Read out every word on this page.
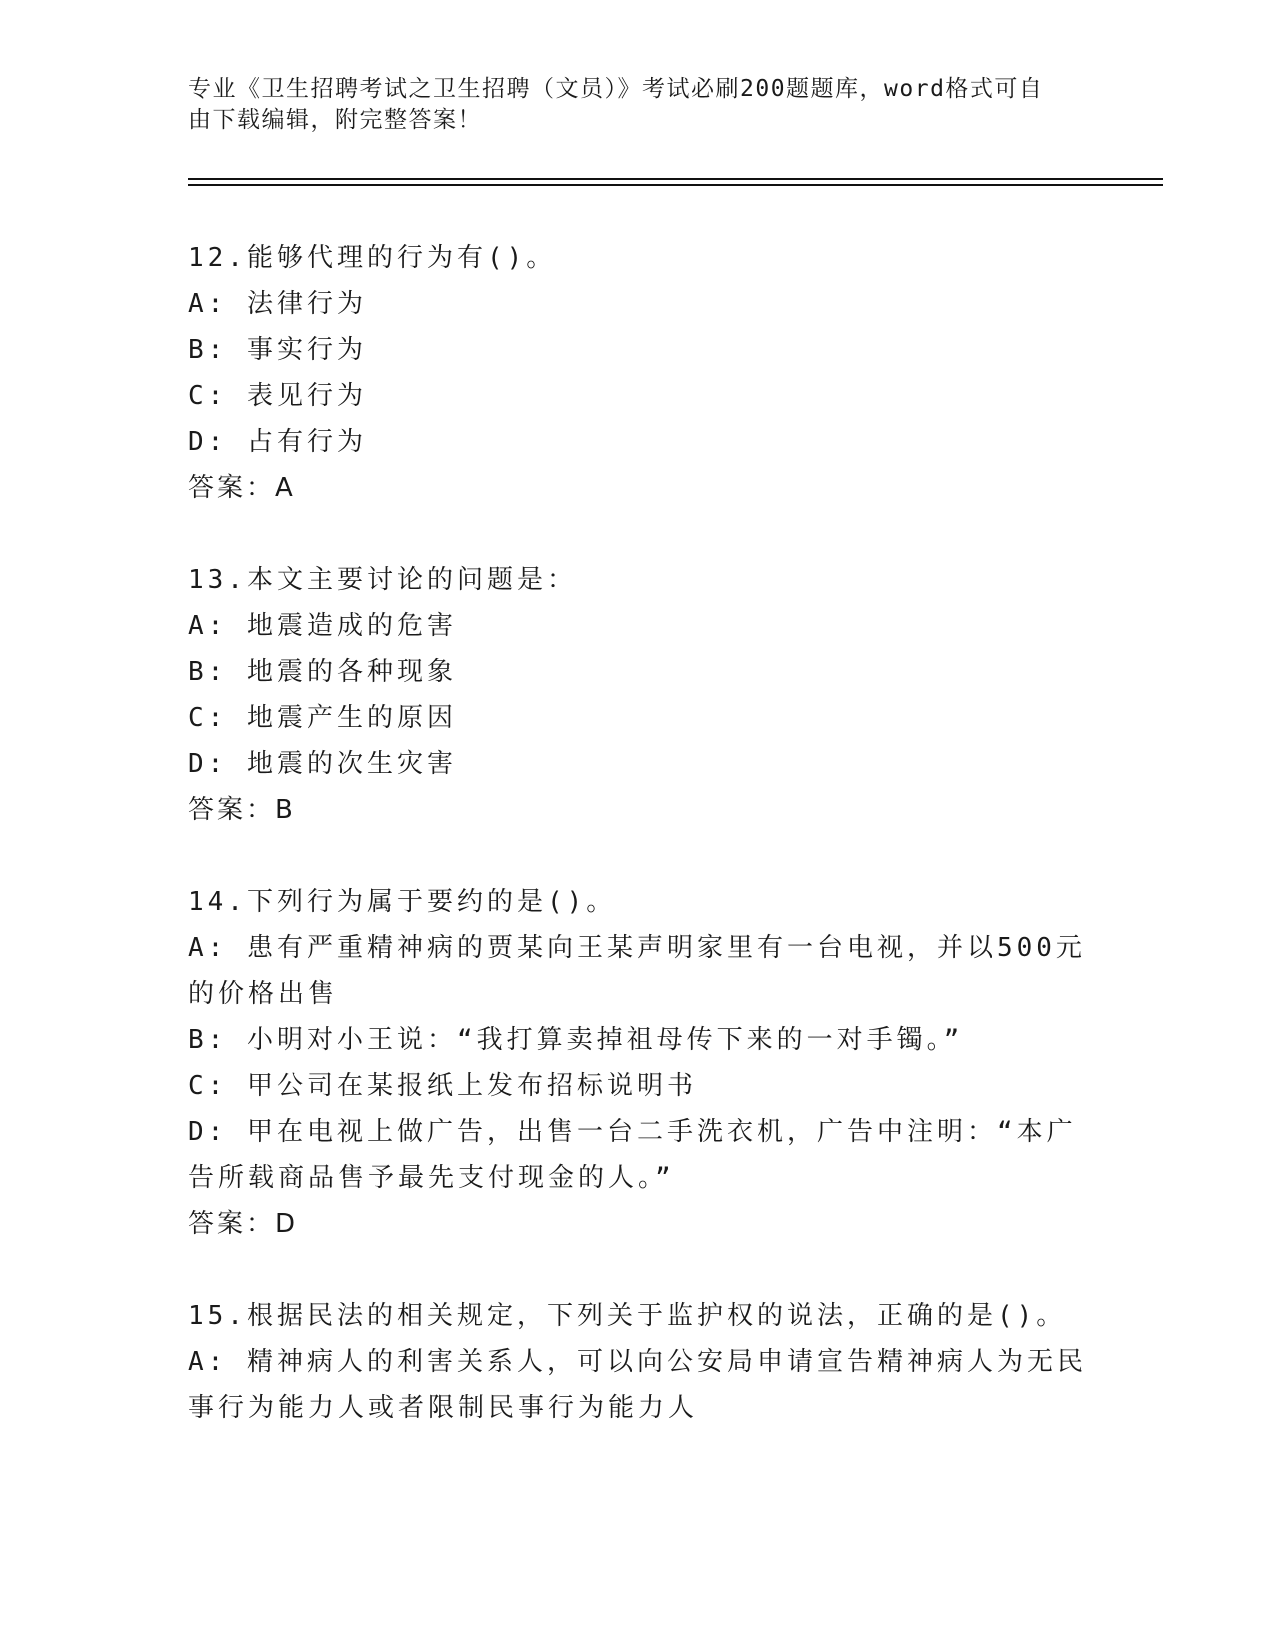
专业《卫生招聘考试之卫生招聘（文员）》考试必刷200题题库，word格式可自
由下载编辑，附完整答案！
12.能够代理的行为有()。
A: 法律行为
B: 事实行为
C: 表见行为
D: 占有行为
答案：A
13.本文主要讨论的问题是：
A: 地震造成的危害
B: 地震的各种现象
C: 地震产生的原因
D: 地震的次生灾害
答案：B
14.下列行为属于要约的是()。
A: 患有严重精神病的贾某向王某声明家里有一台电视，并以500元的价格出售
B: 小明对小王说：“我打算卖掉祖母传下来的一对手镯。”
C: 甲公司在某报纸上发布招标说明书
D: 甲在电视上做广告，出售一台二手洗衣机，广告中注明：“本广告所载商品售予最先支付现金的人。”
答案：D
15.根据民法的相关规定，下列关于监护权的说法，正确的是()。
A: 精神病人的利害关系人，可以向公安局申请宣告精神病人为无民事行为能力人或者限制民事行为能力人
